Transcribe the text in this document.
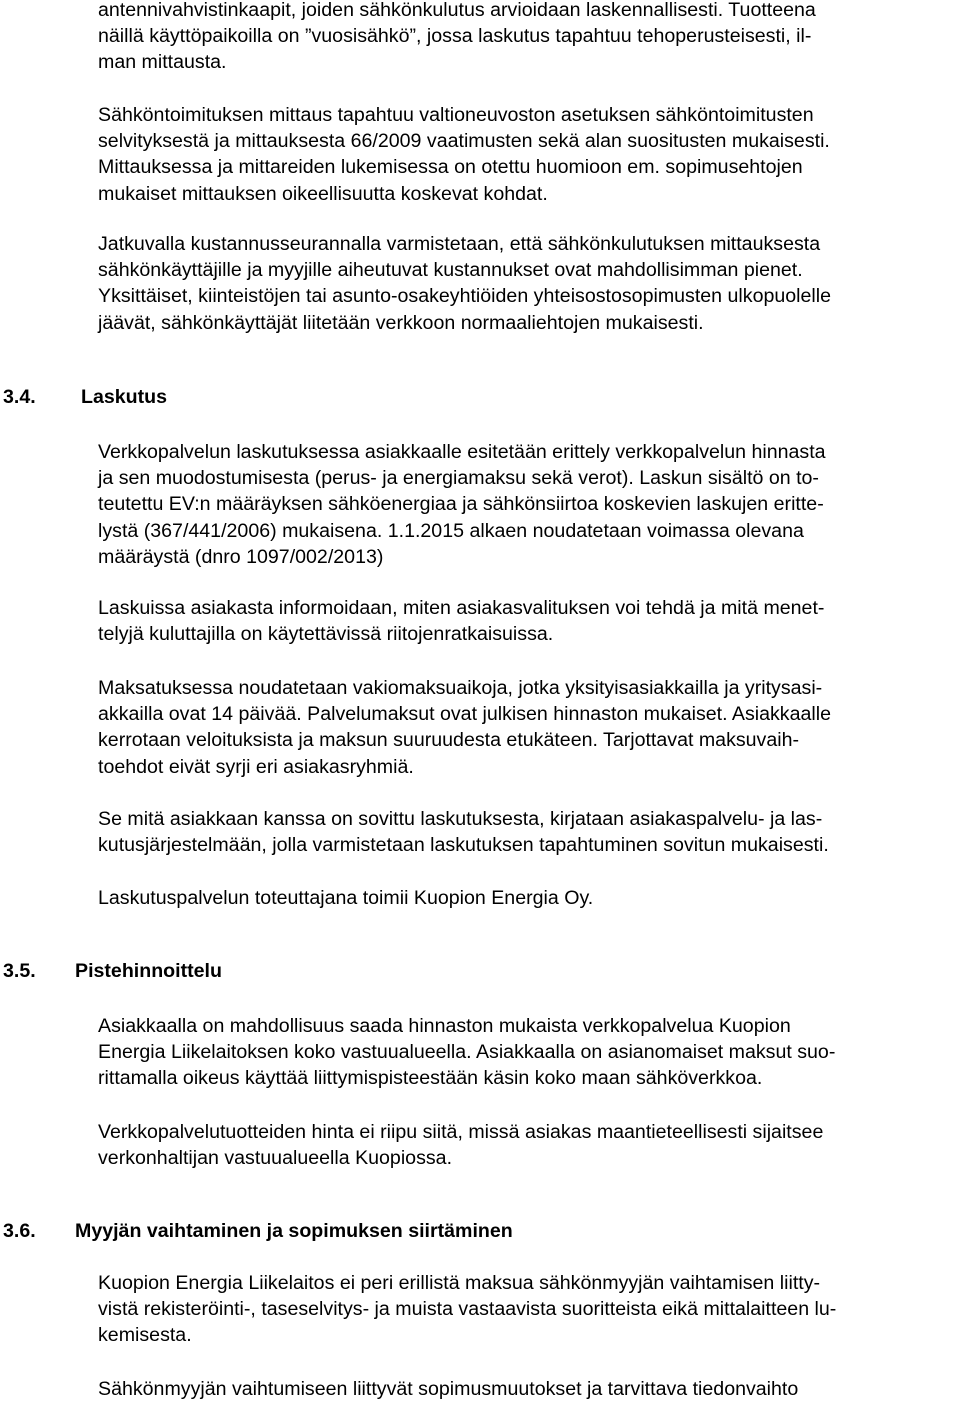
antennivahvistinkaapit, joiden sähkönkulutus arvioidaan laskennallisesti. Tuotteena
näillä käyttöpaikoilla on ”vuosisähkö”, jossa laskutus tapahtuu tehoperusteisesti, il-
man mittausta.
Sähköntoimituksen mittaus tapahtuu valtioneuvoston asetuksen sähköntoimitusten
selvityksestä ja mittauksesta 66/2009 vaatimusten sekä alan suositusten mukaisesti.
Mittauksessa ja mittareiden lukemisessa on otettu huomioon em. sopimusehtojen
mukaiset mittauksen oikeellisuutta koskevat kohdat.
Jatkuvalla kustannusseurannalla varmistetaan, että sähkönkulutuksen mittauksesta
sähkönkäyttäjille ja myyjille aiheutuvat kustannukset ovat mahdollisimman pienet.
Yksittäiset, kiinteistöjen tai asunto-osakeyhtiöiden yhteisostosopimusten ulkopuolelle
jäävät, sähkönkäyttäjät liitetään verkkoon normaaliehtojen mukaisesti.
3.4. Laskutus
Verkkopalvelun laskutuksessa asiakkaalle esitetään erittely verkkopalvelun hinnasta
ja sen muodostumisesta (perus- ja energiamaksu sekä verot). Laskun sisältö on to-
teutettu EV:n määräyksen sähköenergiaa ja sähkönsiirtoa koskevien laskujen eritte-
lystä (367/441/2006) mukaisena. 1.1.2015 alkaen noudatetaan voimassa olevana
määräystä (dnro 1097/002/2013)
Laskuissa asiakasta informoidaan, miten asiakasvalituksen voi tehdä ja mitä menet-
telyjä kuluttajilla on käytettävissä riitojenratkaisuissa.
Maksatuksessa noudatetaan vakiomaksuaikoja, jotka yksityisasiakkailla ja yritysasi-
akkailla ovat 14 päivää. Palvelumaksut ovat julkisen hinnaston mukaiset. Asiakkaalle
kerrotaan veloituksista ja maksun suuruudesta etukäteen. Tarjottavat maksuvaih-
toehdot eivät syrji eri asiakasryhmiä.
Se mitä asiakkaan kanssa on sovittu laskutuksesta, kirjataan asiakaspalvelu- ja las-
kutusjärjestelmään, jolla varmistetaan laskutuksen tapahtuminen sovitun mukaisesti.
Laskutuspalvelun toteuttajana toimii Kuopion Energia Oy.
3.5. Pistehinnoittelu
Asiakkaalla on mahdollisuus saada hinnaston mukaista verkkopalvelua Kuopion
Energia Liikelaitoksen koko vastuualueella. Asiakkaalla on asianomaiset maksut suo-
rittamalla oikeus käyttää liittymispisteestään käsin koko maan sähköverkkoa.
Verkkopalvelutuotteiden hinta ei riipu siitä, missä asiakas maantieteellisesti sijaitsee
verkonhaltijan vastuualueella Kuopiossa.
3.6. Myyjän vaihtaminen ja sopimuksen siirtäminen
Kuopion Energia Liikelaitos ei peri erillistä maksua sähkönmyyjän vaihtamisen liitty-
vistä rekisteröinti-, taseselvitys- ja muista vastaavista suoritteista eikä mittalaitteen lu-
kemisesta.
Sähkönmyyjän vaihtumiseen liittyvät sopimusmuutokset ja tarvittava tiedonvaihto
